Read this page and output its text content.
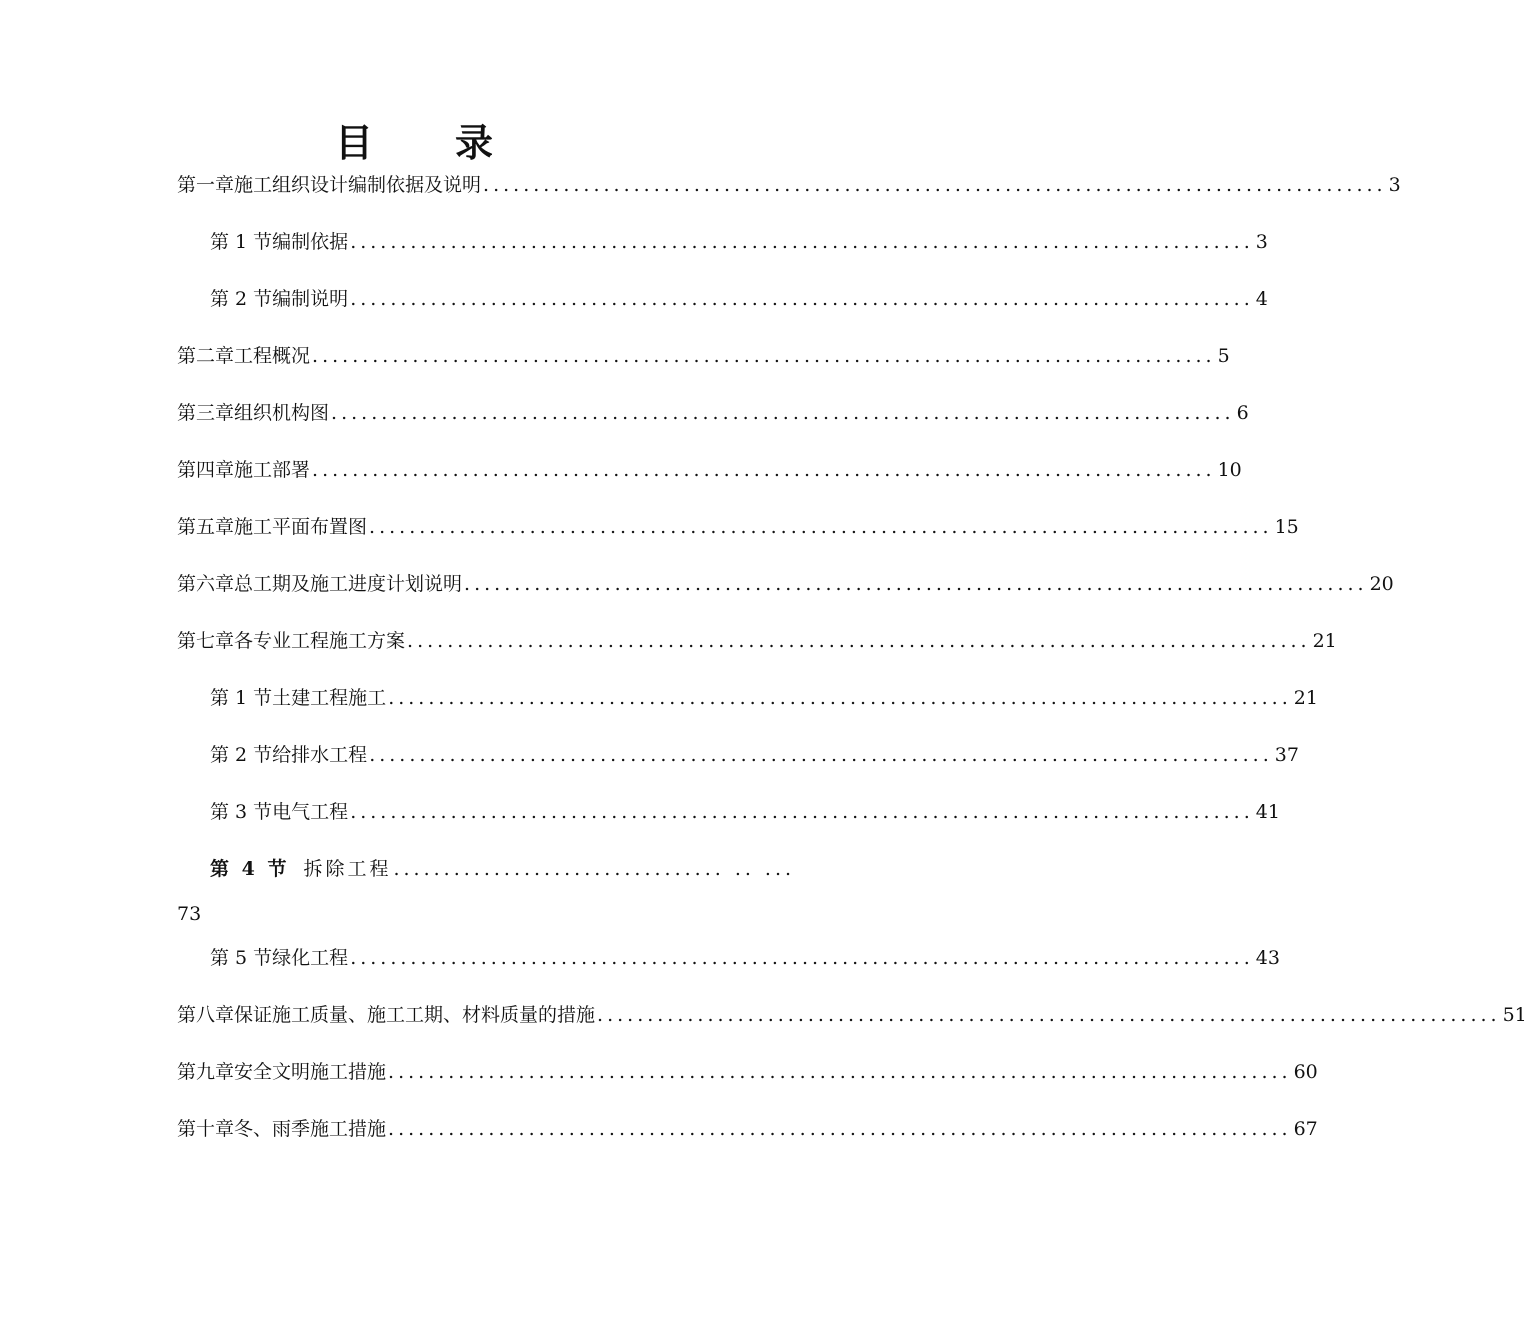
目　　录
第一章 施工组织设计编制依据及说明 .......................................................................................... 3
第 1 节 编制依据 .......................................................................................... 3
第 2 节 编制说明 .......................................................................................... 4
第二章 工程概况 .......................................................................................... 5
第三章 组织机构图 .......................................................................................... 6
第四章 施工部署 .......................................................................................... 10
第五章 施工平面布置图 .......................................................................................... 15
第六章 总工期及施工进度计划说明 .......................................................................................... 20
第七章 各专业工程施工方案 .......................................................................................... 21
第 1 节 土建工程施工 .......................................................................................... 21
第 2 节 给排水工程 .......................................................................................... 37
第 3 节 电气工程 .......................................................................................... 41
第 4 节 拆除工程 ................................. .. ...
73
第 5 节 绿化工程 .......................................................................................... 43
第八章 保证施工质量、施工工期、材料质量的措施 .......................................................................................... 51
第九章 安全文明施工措施 .......................................................................................... 60
第十章 冬、雨季施工措施 .......................................................................................... 67
